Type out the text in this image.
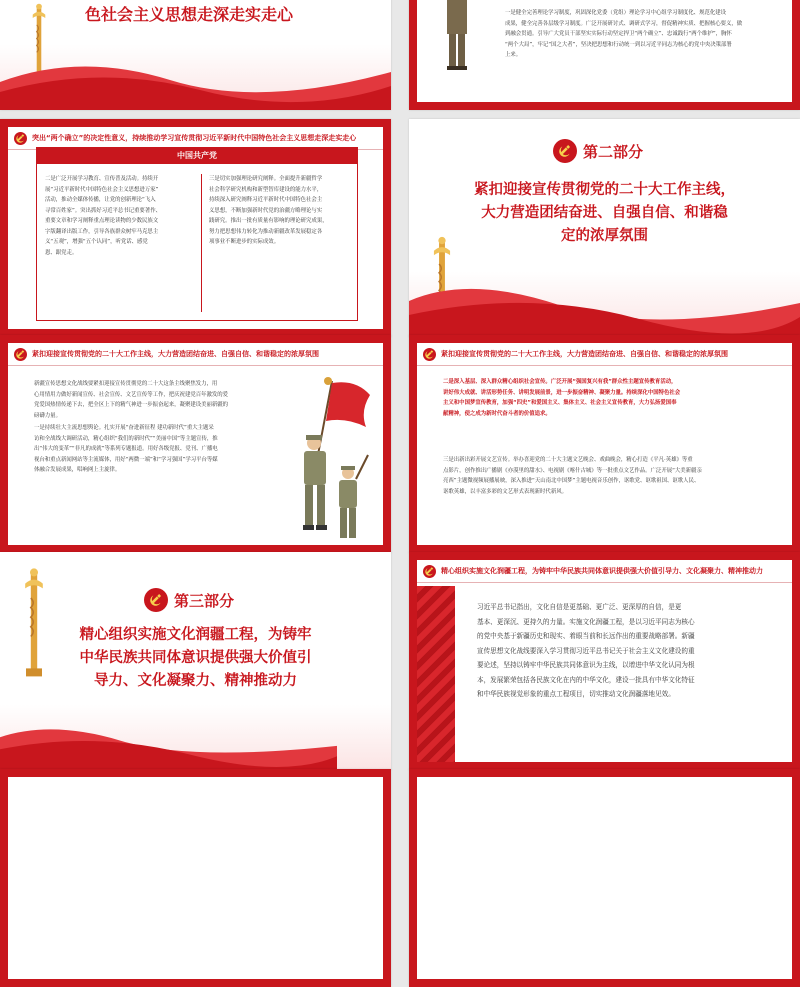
色社会主义思想走深走实走心	一是健全完善理论学习制度，巩固深化党委（党组）理论学习中心组学习制度化、规范化建设
成果，健全完善各层级学习制度。广泛开展研讨式、调研式学习，督促精神实质、把握核心要义，做
到融会贯通。引导广大党员干部坚实实际行动坚定捍卫“两个确立”、忠诚践行“两个维护”，胸怀
“两个大局”，牢记“国之大者”，坚决把思想和行动统一到以习近平同志为核心的党中央决策部署
上来。
突出“两个确立”的决定性意义，持续推动学习宣传贯彻习近平新时代中国特色社会主义思想走深走实走心
中国共产党
二是广泛开展学习教育、宣传普及活动。持续开
展“习近平新时代中国特色社会主义思想进万家”
活动，推动全媒体传播，让党的创新理论“飞入
寻常百姓家”。突出抓好习近平总书记重要著作、
重要文章和学习阐释重点理论读物的少数民族文
字版翻译出版工作，引导各族群众树牢马克思主
义“五观”，增强“五个认同”，听党话、感党
恩、跟党走。
三是切实加强理论研究阐释。全面提升新疆哲学
社会科学研究机构和新型智库建设的能力水平，
持续深入研究阐释习近平新时代中国特色社会主
义思想，不断加强新时代党的治疆方略理论与实
践研究。推出一批有质量有影响的理论研究成果，
努力把思想伟力转化为推动新疆改革发展稳定各
项事业不断进步的实际成效。
第二部分
紧扣迎接宣传贯彻党的二十大工作主线，
大力营造团结奋进、自强自信、和谐稳
定的浓厚氛围
紧扣迎接宣传贯彻党的二十大工作主线，大力营造团结奋进、自强自信、和谐稳定的浓厚氛围
新疆宣传思想文化战线要紧扣迎接宣传贯彻党的二十大这条主线聚焦发力，用
心用情用力做好新闻宣传、社会宣传、文艺宣传等工作，把庆祝建党百年激发的爱
党爱国热情传递下去，把全区上下的精气神进一步振奋起来，凝聚建设美丽新疆的
磅礴力量。
一是持续壮大主流思想舆论。扎实开展“奋进新征程 建功新时代”重大主题采
访和全战线大调研活动，精心组织“我们的新时代”“美丽中国”等主题宣传，推
出“伟大的变革”“非凡的成就”等系列专题报道。用好各级党报、党刊、广播电
视台和重点新闻网站等主流媒体，用好“两微一端”和“学习强国”学习平台等媒
体融合发展成果，唱响网上主旋律。
紧扣迎接宣传贯彻党的二十大工作主线，大力营造团结奋进、自强自信、和谐稳定的浓厚氛围
二是深入基层、深入群众精心组织社会宣传。广泛开展“强国复兴有我”群众性主题宣传教育活动，
讲好伟大成就、讲活形势任务、讲明发展前景，进一步振奋精神、凝聚力量。持续深化中国特色社会
主义和中国梦宣传教育，加强“四史”和爱国主义、集体主义、社会主义宣传教育，大力弘扬爱国奉
献精神，使之成为新时代奋斗者的价值追求。
三是出新出彩开展文艺宣传。举办喜迎党的二十大主题文艺晚会、戏曲晚会，精心打造《平凡·英雄》等重
点影片，创作推出广播剧《亦漠里的甜水》、电视剧《喀什古城》等一批重点文艺作品。广泛开展“大美新疆亲
亮西”主题微视频展播展映，深入推进“天山南北中国梦”主题电视音乐创作，讴歌党、讴歌祖国、讴歌人民、
讴歌英雄，以丰富多彩的文艺形式表现新时代新风。
第三部分
精心组织实施文化润疆工程，为铸牢
中华民族共同体意识提供强大价值引
导力、文化凝聚力、精神推动力
精心组织实施文化润疆工程，为铸牢中华民族共同体意识提供强大价值引导力、文化凝聚力、精神推动力
习近平总书记指出，文化自信是更基础、更广泛、更深厚的自信，是更
基本、更深沉、更持久的力量。实施文化润疆工程，是以习近平同志为核心
的党中央基于新疆历史和现实、着眼当前和长远作出的重要战略部署。新疆
宣传思想文化战线要深入学习贯彻习近平总书记关于社会主义文化建设的重
要论述，坚持以铸牢中华民族共同体意识为主线，以增进中华文化认同为根
本，发展繁荣包括各民族文化在内的中华文化，建设一批具有中华文化特征
和中华民族视觉形象的重点工程项目，切实推动文化润疆落地见效。
